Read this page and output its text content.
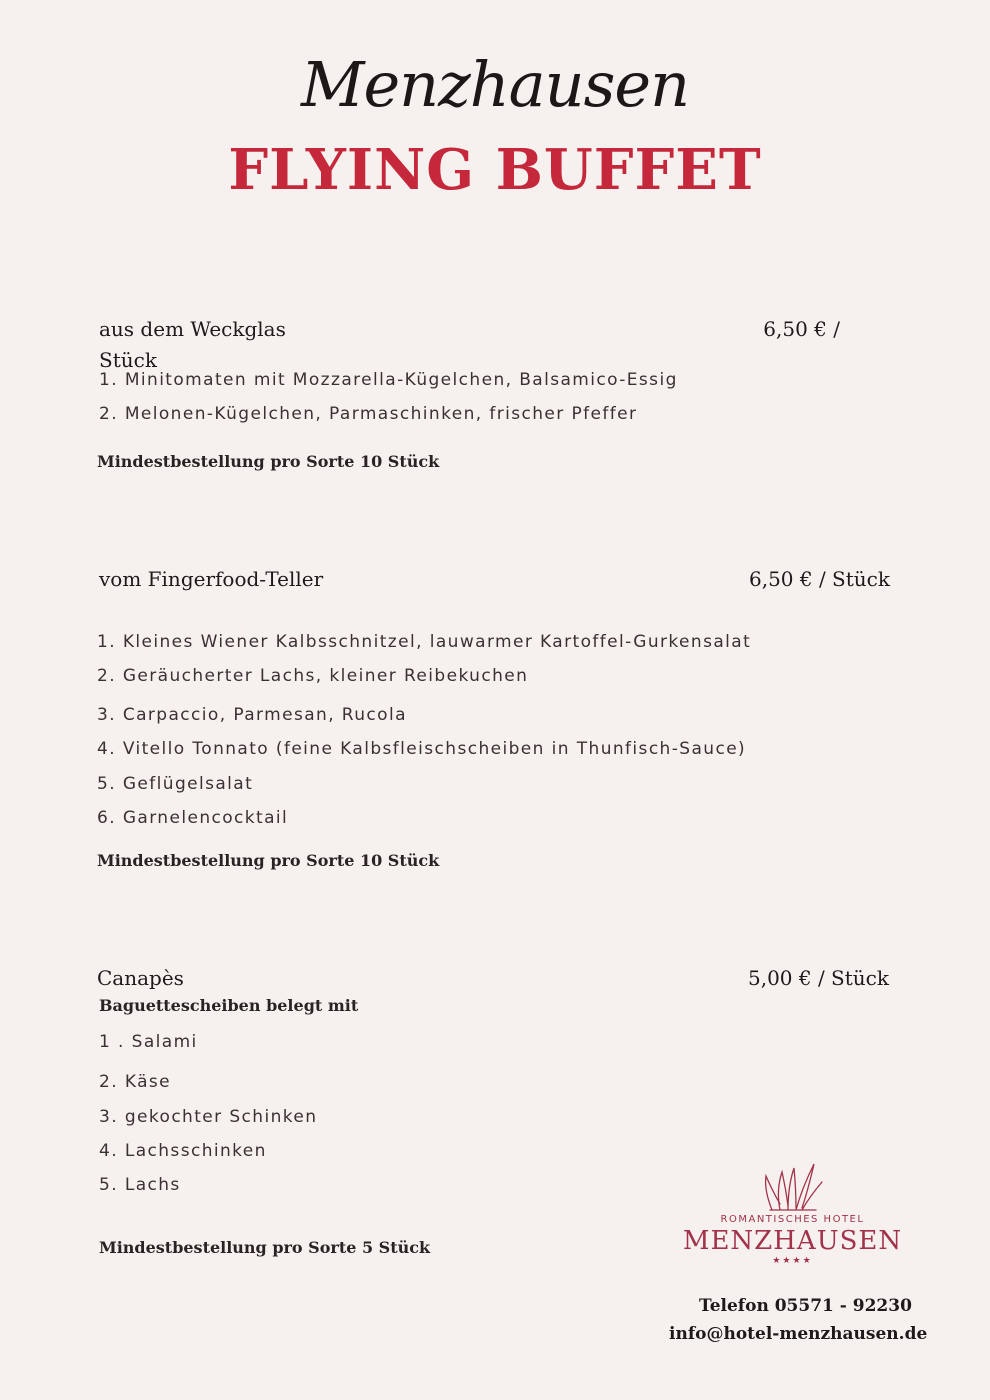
Menzhausen
FLYING BUFFET
aus dem Weckglas
Stück
6,50 € /
1. Minitomaten mit Mozzarella-Kügelchen, Balsamico-Essig
2. Melonen-Kügelchen, Parmaschinken, frischer Pfeffer
Mindestbestellung pro Sorte 10 Stück
vom Fingerfood-Teller	6,50 € / Stück
1. Kleines Wiener Kalbsschnitzel, lauwarmer Kartoffel-Gurkensalat
2. Geräucherter Lachs, kleiner Reibekuchen
3. Carpaccio, Parmesan, Rucola
4. Vitello Tonnato (feine Kalbsfleischscheiben in Thunfisch-Sauce)
5. Geflügelsalat
6. Garnelencocktail
Mindestbestellung pro Sorte 10 Stück
Canapès	5,00 € / Stück
Baguettescheiben belegt mit
1 . Salami
2. Käse
3. gekochter Schinken
4. Lachsschinken
5. Lachs
Mindestbestellung pro Sorte 5 Stück
ROMANTISCHES HOTEL
MENZHAUSEN
★★★★
Telefon 05571 - 92230
info@hotel-menzhausen.de
